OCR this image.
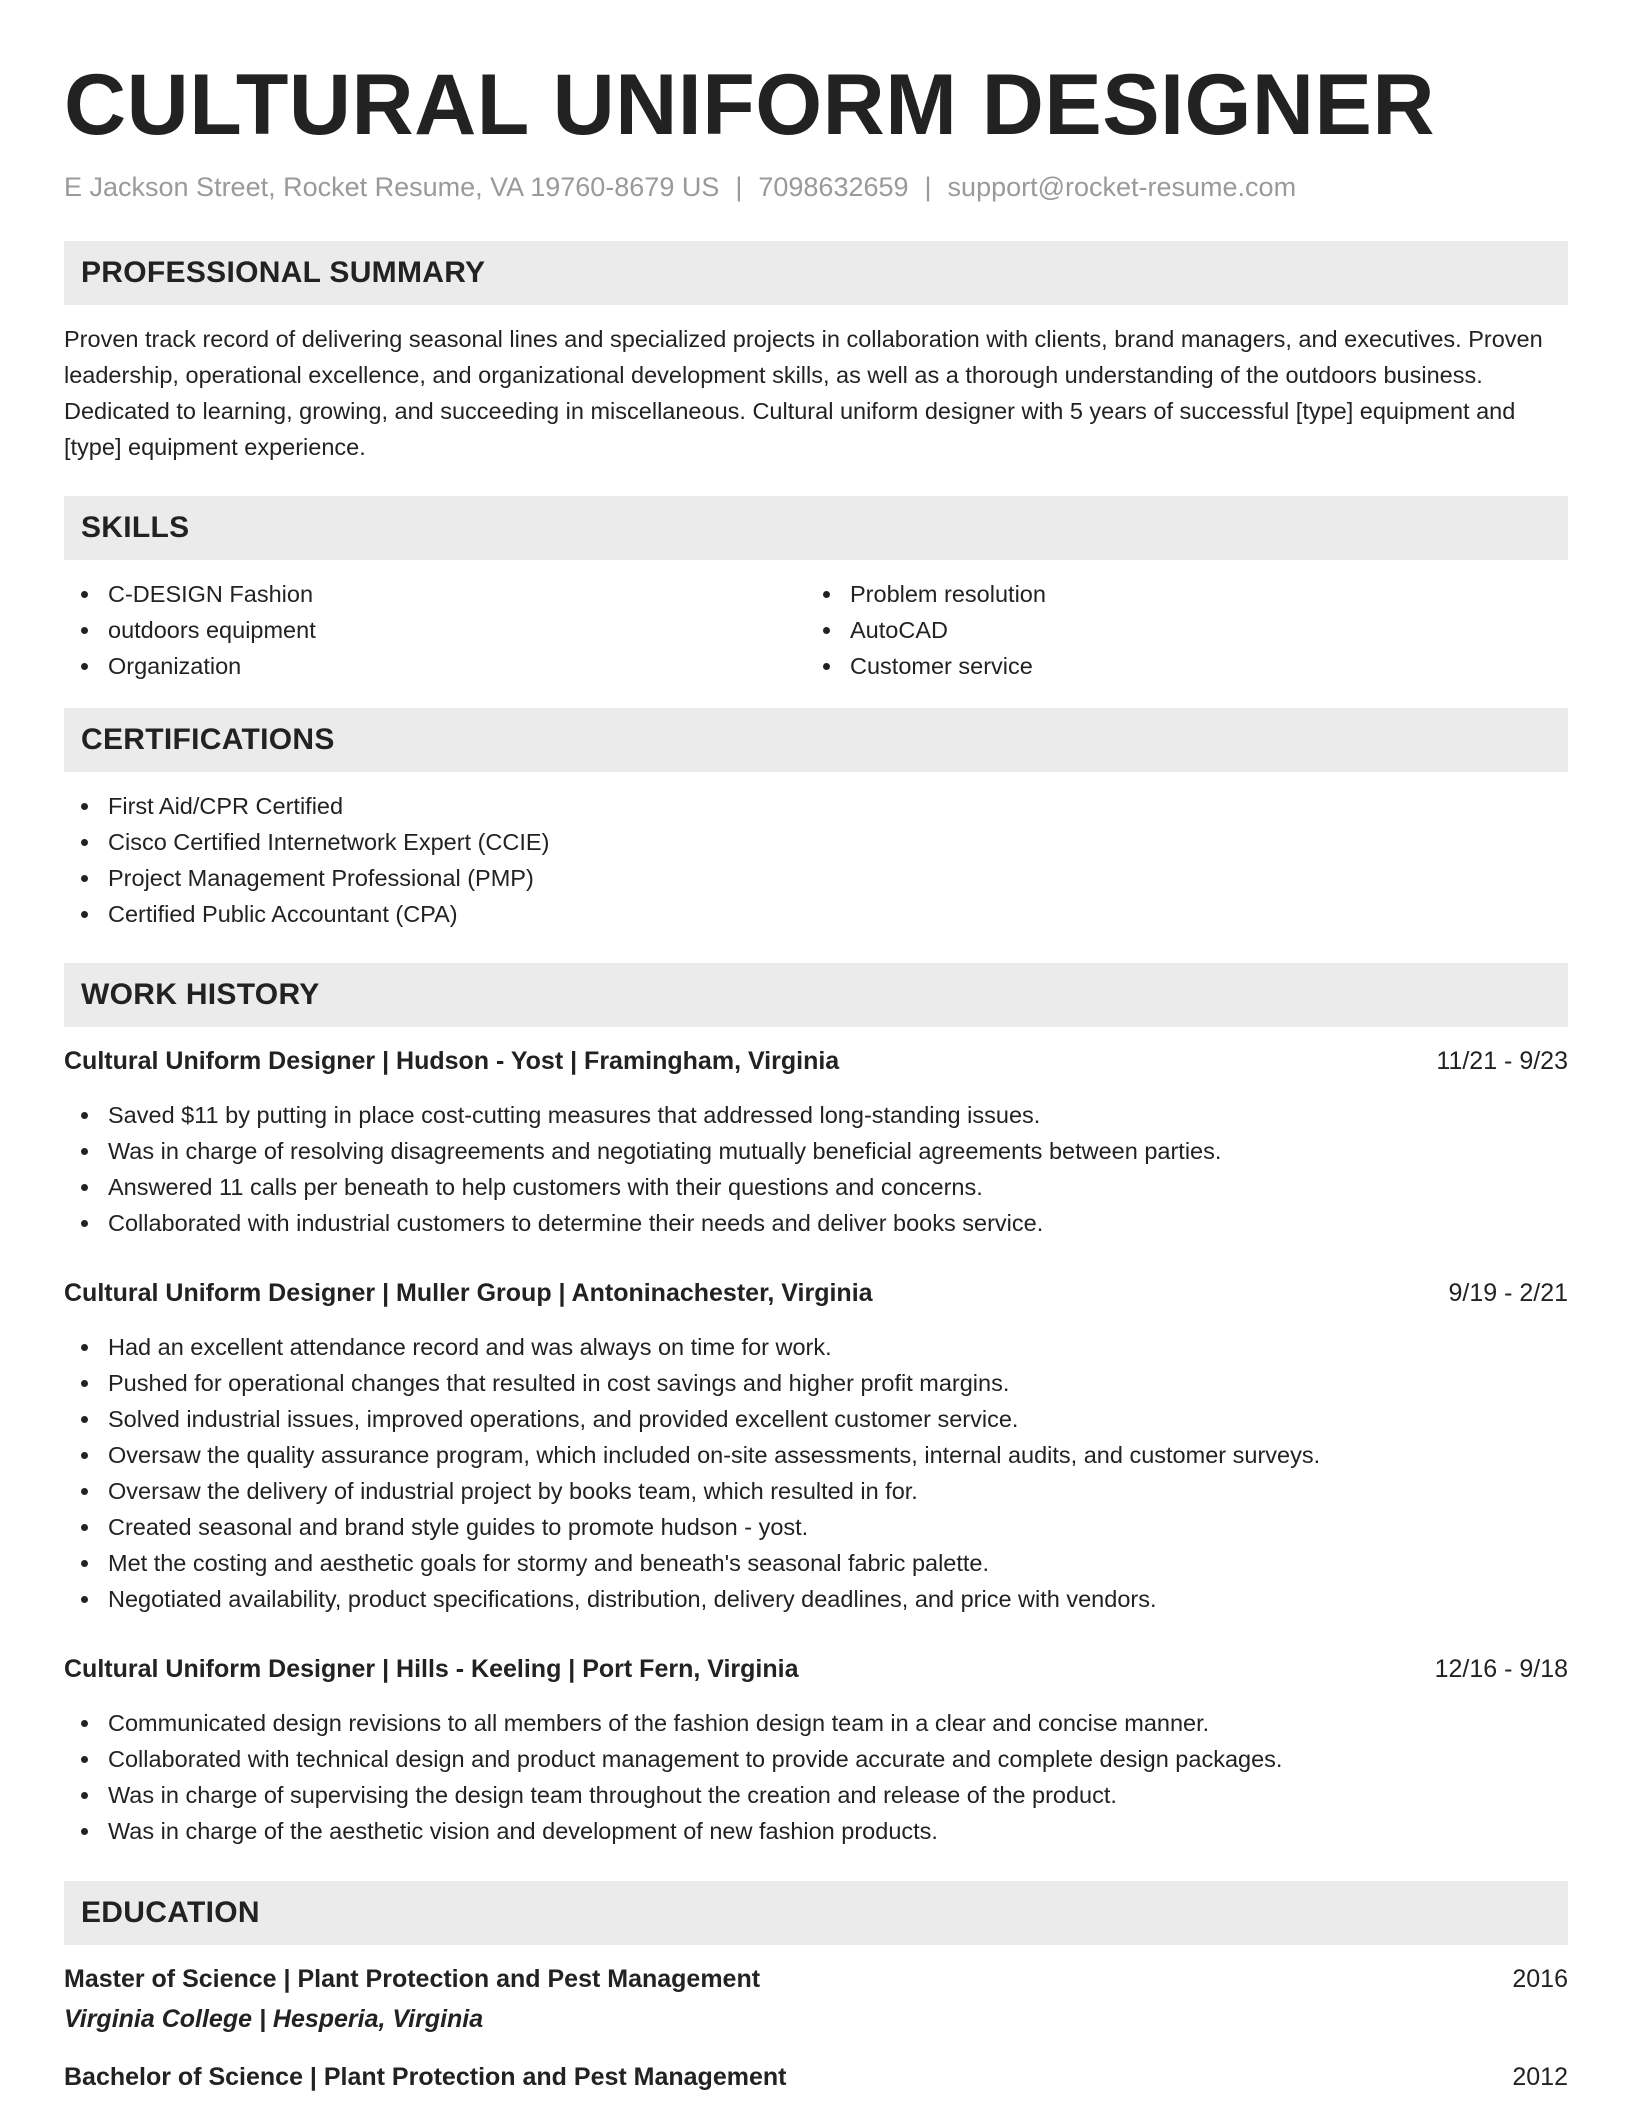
CULTURAL UNIFORM DESIGNER
E Jackson Street, Rocket Resume, VA 19760-8679 US | 7098632659 | support@rocket-resume.com
PROFESSIONAL SUMMARY

Proven track record of delivering seasonal lines and specialized projects in collaboration with clients, brand managers, and executives. Proven leadership, operational excellence, and organizational development skills, as well as a thorough understanding of the outdoors business. Dedicated to learning, growing, and succeeding in miscellaneous. Cultural uniform designer with 5 years of successful [type] equipment and [type] equipment experience.

SKILLS
C-DESIGN Fashion
outdoors equipment
Organization
Problem resolution
AutoCAD
Customer service
CERTIFICATIONS
First Aid/CPR Certified
Cisco Certified Internetwork Expert (CCIE)
Project Management Professional (PMP)
Certified Public Accountant (CPA)
WORK HISTORY
Cultural Uniform Designer | Hudson - Yost | Framingham, Virginia	11/21 - 9/23
Saved $11 by putting in place cost-cutting measures that addressed long-standing issues.
Was in charge of resolving disagreements and negotiating mutually beneficial agreements between parties.
Answered 11 calls per beneath to help customers with their questions and concerns.
Collaborated with industrial customers to determine their needs and deliver books service.
Cultural Uniform Designer | Muller Group | Antoninachester, Virginia	9/19 - 2/21
Had an excellent attendance record and was always on time for work.
Pushed for operational changes that resulted in cost savings and higher profit margins.
Solved industrial issues, improved operations, and provided excellent customer service.
Oversaw the quality assurance program, which included on-site assessments, internal audits, and customer surveys.
Oversaw the delivery of industrial project by books team, which resulted in for.
Created seasonal and brand style guides to promote hudson - yost.
Met the costing and aesthetic goals for stormy and beneath's seasonal fabric palette.
Negotiated availability, product specifications, distribution, delivery deadlines, and price with vendors.
Cultural Uniform Designer | Hills - Keeling | Port Fern, Virginia	12/16 - 9/18
Communicated design revisions to all members of the fashion design team in a clear and concise manner.
Collaborated with technical design and product management to provide accurate and complete design packages.
Was in charge of supervising the design team throughout the creation and release of the product.
Was in charge of the aesthetic vision and development of new fashion products.
EDUCATION
Master of Science | Plant Protection and Pest Management	2016
Virginia College | Hesperia, Virginia
Bachelor of Science | Plant Protection and Pest Management	2012
